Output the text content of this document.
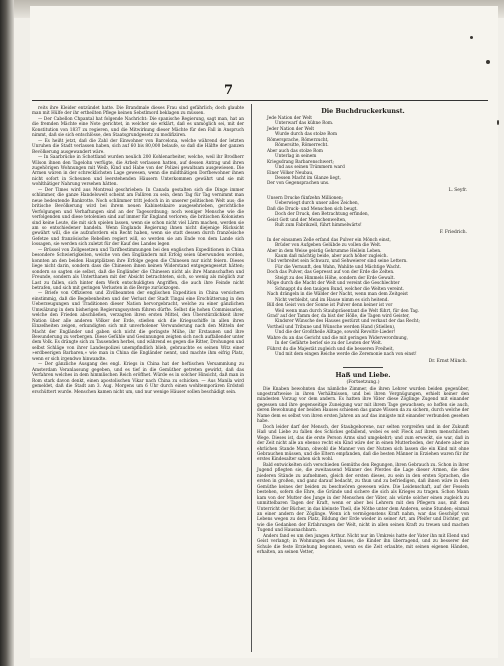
7

reits ihre Kleider entzündet hatte. Die Brandmale dieses Frau sind gefährlich; doch glaubte man mit Hülfe der ihr ertheilten Pflege keinen Sebstlmord beklagen zu müssen.

— Der Cabellon Chpantal hat folgende Nachricht: Die spanische Regierung, sagt man, hat an die fremden Mächte eine Note gerichtet, in welcher sie erklärt, daß es unmöglich sei, mit der Konstitution von 1837 zu regieren, und die Mitwirkung dieser Mächte für den Fall in Anspruch nimmt, daß sie sich entschlösse, den Staatsgrundgesetz zu modifiziren.

— Es heißt jetzt, daß die Zahl der Einwohner von Barcelona, welche während der letzten Unruhen die Stadt verlassen haben, sich auf 60 bis 80,000 belaufe, so daß die Hälfte der ganzen Bevölkerung ausgewandert wäre.

— In Saarbrücke in Schottland wurden neulich 200 Kohlenarbeiter, welche, weil ihr Brodherr Wilson ihnen den Tagelohn verfügte, die Arbeit verlassen hatten, auf dessen Antrag und ihren zugehörigen Wohnungen mit Weib, Kind und Habe von der Polizei gewaltsam ausgewiesen. Die Armen wären in der schrecklichsten Lage gewesen, wenn die mildthätigen Dorfbewohner ihnen nicht sofort in Scheunen und leerstehenden Häusern Unterkommen gewährt und sie mit wohlthätiger Nahrung versehen hätten.

— Der Times wird aus Montreal geschrieben: In Canada gestalten sich die Dinge immer schlimmer, die ganze Handelswelt scheint am Falliren zu sein, denn Tag für Tag vernimmt man neue bedeutende Bankrotte. Noch schlimmer tritt jedoch in in unserer politischen Welt aus; die britische Bevölkerung wird bei ihrem neuen Kabinetskaire ausgesehrieben, gerichtliche Verfolgungen und Verhaftungen sind an der Tagesordnung; noch weniger Mensche wie die verfolgenden und diese tetolenien sind auf immer für England verloren; die britischen Kolonisten sind keine Leute, die mit sich spielen lassen, wenn sie schon nicht viel Lärm machen, werden sie am so entschiedener handeln. Wenn Englands Regierung ihnen nicht diejenige Rücksicht gewährt will, die sie aufzufordern ein Recht haben, wenn sie statt dessen durch französische Gefetze und französische Rebellen regiert will, so werden sie am Ende von dem Lande sich lossagen, sie werden sich zuletzt für der Kauf des Landes legen

— Brüssel von Zollgesetzen und Tarifbestimmungen bei den englischen Expeditionen in China besondere Schwierigkeiten, welche von den Engländern mit Erfolg seien überwunden worden, konnten an den beiden Hauptplätzen ihre Erfolge gegen die Chinesen nur nicht feiern. Dieses liege nicht darin, sondern dass die Chinesen ihnen keinen Widerstand entgegengesetzt hätten; sondern so sagten sie selbst, daß die Engländer die Chinesen nicht als ihre Mannschaften und Freunde, sondern als Unterthanen mit der Absicht betrachteten, sich, so wenig als möglich zur Last zu fallen, sich hinter dem Werk entschuldigten Angriffen, die auch ihre Feinde nicht betrafen, und sich mit geringen Verlusten in die Berge zurückzogen.

— Briefe von Offizieren und Zivilbeamten der englischen Expedition in China versichern einstimmig, daß die Begebenheiten und der Verlust der Stadt Tingai eine Erschütterung in den Ueberzeugungen und Traditionen dieser Nation hervorgebracht, welche zu einer gänzlichen Umwälzung in dem bisherigen Regierungssystem führen dürfte. Selbst die hohen Commissarien, welche den Frieden abschließen, verzagten ihren ersten Mittel, den Überstürzlichkeit ihrer Nation über alle anderen Völker der Erde, stießen sich die Kriegsschiffe in allen ihren Einzelheiten zeigen, erkundigten sich mit unverholener Verwunderung nach den Mitteln der Macht der Engländer und gaben sich nicht die geringste Mühe, ihr Erstaunen und ihre Bewunderung zu verbergen. Diese Gefühle und Gesinnungen zeigten sich noch auffallender unter dem Volk. Es drängte sich zu Tausenden herbei, und während es gegen die Ritter, Drohungen und selbst Schläge von ihrer Landespolizei unempfindlich blieb, gebrauchte es seinen Witz einer »erdbeerigen Barbaren,« wie man in China die Engländer nennt, und machte ihm eifrig Platz, wenn er sich irgendwo hinwandte.

— Der gänzliche Ausgang des engl. Kriegs in China hat der heftischen Versammlung zu Amsterdam Veranlassung gegeben, und es tief in die Gemüther getreten gewirkt, daß das Verfahren welches in dem himmlischen Reich eröffnet. Würde es in solcher Hinsicht, daß man in Rom stark davon denkt, einen apostolischen Vikar nach China zu schicken. — Aus Manila wird gemeldet, daß die Stadt am 3. Aug. Morgens um 6 Uhr durch einen wohltemporären Erdstoß erschüttert wurde. Menschen kamen nicht um, und nur wenige Häuser sollen beschädigt sein.

Die Buchdruckerkunst.
Jede Nation der Welt
Unterwarf das kühne Rom.
Jeder Nation der Welt
Wurde durch das stolze Rom
Römersprache, Römerzucht,
Römersitte, Römerrecht.
Aber auch das stolze Rom
Unterlag in seinem
Kriegsdrang Barbarenschwert;
Und aus seinen Trümmern ward
Einer Völker Neubau,
Dessen Macht im Glanze liegt,
Der von Gegensprachen uns.
L. Seyfr.
Unsern Drucke fünfzehn Millionen;
Ueberwiegt durch unser alles Zeichen,
Daß die Druck- und Menschen sich beugt.
Doch der Druck, den Betrachtung erfinden,
Geist Gott und der Menschenwelten,
Rult zum Fabrikzell, führt himmelwärts!
F. Friedrich.
In der einsamen Zelle erfand das Pulver ein Mönch einst,
Brüder von Aufgeben Gelübde zu vollen die Welt.
Aber in dem Weise geistig Gehrumme Heilein Leben.
Kaum daß mächtig beide, aber auch höher zugleich.
Und verbreitet sein Schwarz, und Sehweierer sind seine Lettern.
Für die Vernunft, den Wahn, Wahlite und Mächtige Wacht.
Doch das Pulver, das Gepresst auf von der Erde die Zelten.
Steigt zu des Himmels Höhe, sondern der Erde Gewalt.
Möge durch die Macht der Welt und vereint die Geschlechter
Schnappt du den tauigen Bund, welcher die Welten vereint.
Nach drängeln in die Wälder der Nacht, wenn man dem Zeitgeist
Nicht verbleibt, und im Hause nimm es sich heitend.
Bill den Geist von der Sonne ist Pulver denn keiner ist vor
Weil wenn man durch Staubpräsentant die Welt führt, für den Tag.
Grad' auf der Tamm der, da bist der Hölle, die Tagen wird Geister,
Kindsrer Wünsche des Hauses gestürzt und verkaut der das Recht;
Vortheil und Tribune und Wünsche werden Hand (Stiellen),
Und die der Großtheile Alltage, sowohl Revoltiv-Lieder!
Wahre du an das Gericht und die mit geringen Widerverordnung,
In der Gefährte berief sie zu der Leuten der Welt.
Führst du die Majestät zugleich und die besseren Freiheit,
Und mit dem eingen Reiche werde die Zeremonie nach von einst!
Dr. Ernst Münch.
Haß und Liebe.
(Fortsetzung.)

Die Knaben bewohnten das nämliche Zimmer, die ihren Lehrer wurden beiden gegenüber, ungestraftweise in ihren Verhältnissen, und bei ihren Vergnügungen, erhielt keiner den mindesten Vorzug vor dem andern. Es hatten ihre Väter diese Zöglinge Zugend mit einander gegessen und ihre gegenseitige Zuneigung war mit ihrem Tage gewachsen; so hoffen sie auch, deren Bewohnung der beiden Hauses schienen das ganze Wissen da zu sichern, durch welche der Name dem es selbst von ihren ersten Jahren an auf das innigste mit einander verbunden gesehen habe.

Doch leider darf der Mensch, der Staubgeborene, nur selten vorgreifen und in der Zukunft Haß und Liebe zu fallen des Schickes gefallend, wobei es seit Fleck auf ihrem menschlichen Wege. Dieses ist, das die erste Person Arms sind umgekehrt; und zum erweckt, sie war, daß in der Zeit nicht alle an ebenso recht ein Kind wäre der in einen Mutterboden, der Andere aber im ehrlichen Stande Mann, obwohl die Manner von der Nutzen sich lassen die ein Kind mit ohne Gebrauchen müssen, und die Eltern empfanden, daß die besten Männer in Erziehen waren für ihr erstes Kindesalter sahen sich wohl.

Bald entwickelten sich verschieden Gemüths den Regungen, ihren Gebrauch zu. Schon in ihrer Jugend pflegten sie, die zweitausend Männer des Pferdes die Lage dieser Armen, die dies niederen Stände zu aufnehmen, gleich der ersten dieses, zu sein in den ersten Sprachen, die ersten in großen, und ganz darauf bedacht, zu thun und zu befriedigen, daß ihnen wäre in dem Gemüthe keines der beiden zu beschwören gewesen wäre. Die Leidenschaft, auf der Fesseln bestehen, sofern die Ehre, die Gründe und sichere die sich als Krieges zu tragen. Schon Mann kam von der Mutter des Junge in der Menschen der Väter, als würde solcher einen zugleich zu unmittelbaren Tagen der Kraft, wenn er aber bei Lehrern mit den Pflegern aus, mit dem Unterricht der Bücher, in das kleinste Theil, die Nöthe unter dem Anderen, seine Stunden; einmal an einer andern der Zöglinge. Wenn ich vermögenstens Kraft nahm, war das Geschöpf von Lebens wegen zu dem Platz, Bildung der Erde wieder in seiner Art, am Pfeifer und Dichter, gut wie die Gedanken der Erfahrungen der Welt, nicht in allen seinen Kraft zu treuen und machen Tugend und Hausnachbarn.

Anders fand es um den jungen Arthur. Nicht nur im Umkreis hatte der Vater ihn mit Elend und Geist verlangt; in Wohnungen des Hauses, die Kinder ihn überragend, und zu besserer der Schule die feste Erziehung begonnen, wenn es die Zeit erlaubte, mit seinen eigenen Händen, erhalten, an seinen Vetter,
